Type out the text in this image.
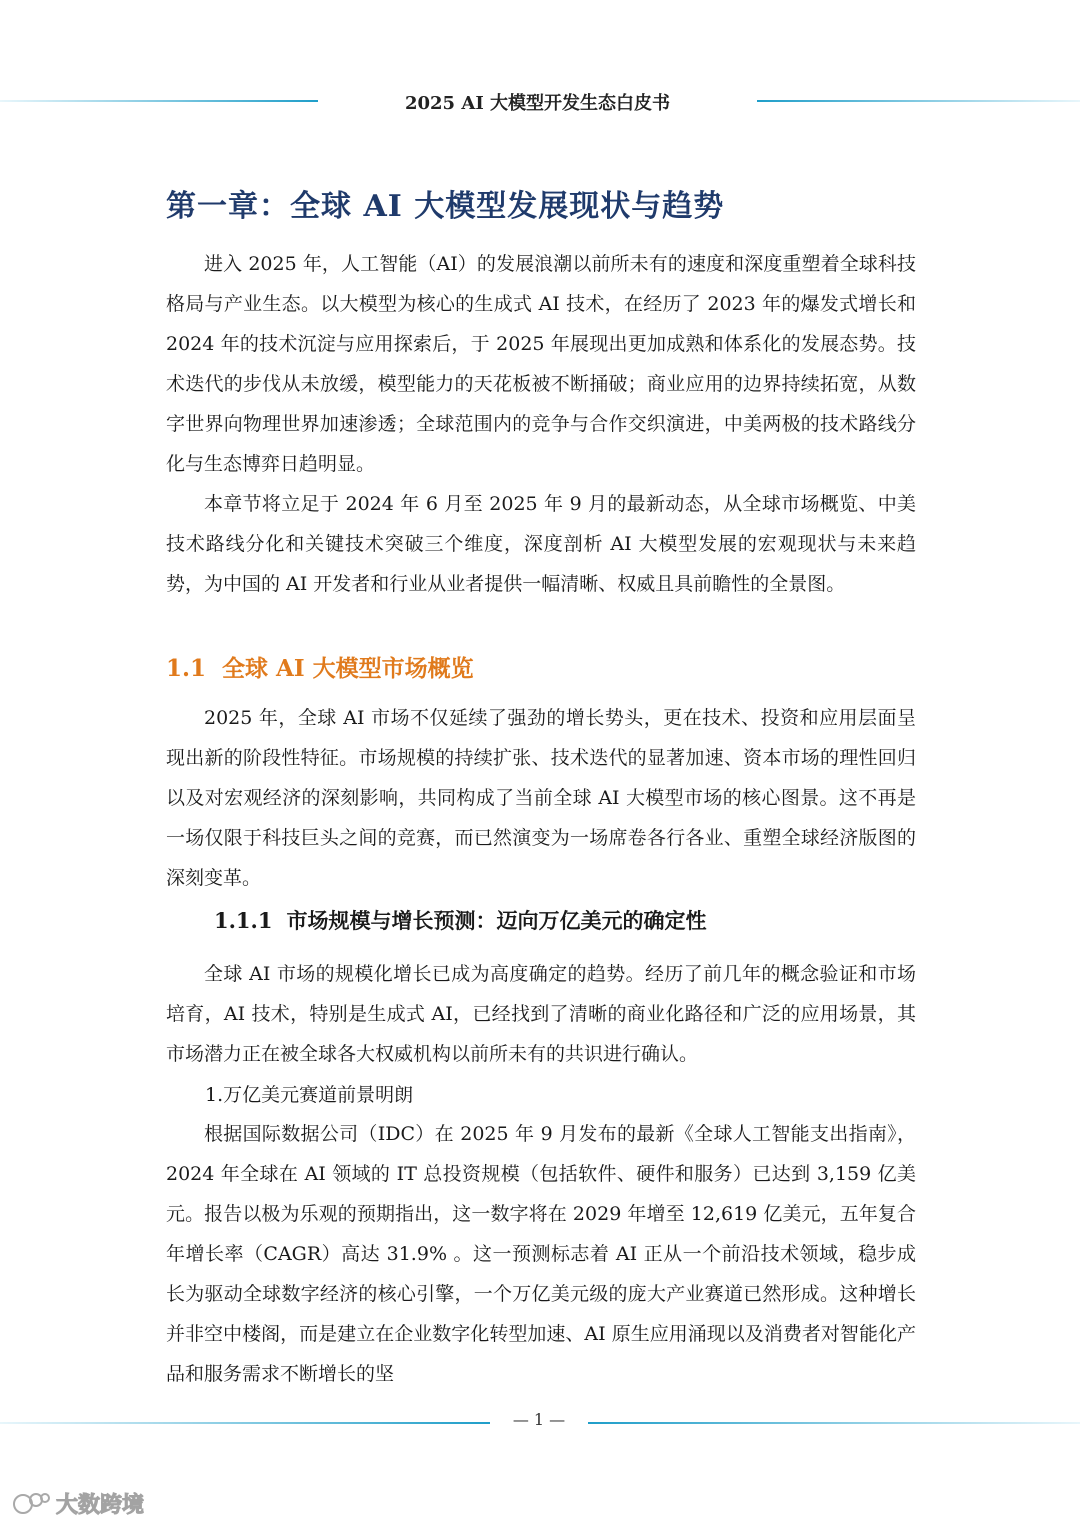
2025 AI 大模型开发生态白皮书
第一章：全球 AI 大模型发展现状与趋势

进入 2025 年，人工智能（AI）的发展浪潮以前所未有的速度和深度重塑着全球科技格局与产业生态。以大模型为核心的生成式 AI 技术，在经历了 2023 年的爆发式增长和 2024 年的技术沉淀与应用探索后，于 2025 年展现出更加成熟和体系化的发展态势。技术迭代的步伐从未放缓，模型能力的天花板被不断捅破；商业应用的边界持续拓宽，从数字世界向物理世界加速渗透；全球范围内的竞争与合作交织演进，中美两极的技术路线分化与生态博弈日趋明显。

本章节将立足于 2024 年 6 月至 2025 年 9 月的最新动态，从全球市场概览、中美技术路线分化和关键技术突破三个维度，深度剖析 AI 大模型发展的宏观现状与未来趋势，为中国的 AI 开发者和行业从业者提供一幅清晰、权威且具前瞻性的全景图。

1.1 全球 AI 大模型市场概览

2025 年，全球 AI 市场不仅延续了强劲的增长势头，更在技术、投资和应用层面呈现出新的阶段性特征。市场规模的持续扩张、技术迭代的显著加速、资本市场的理性回归以及对宏观经济的深刻影响，共同构成了当前全球 AI 大模型市场的核心图景。这不再是一场仅限于科技巨头之间的竞赛，而已然演变为一场席卷各行各业、重塑全球经济版图的深刻变革。

1.1.1 市场规模与增长预测：迈向万亿美元的确定性

全球 AI 市场的规模化增长已成为高度确定的趋势。经历了前几年的概念验证和市场培育，AI 技术，特别是生成式 AI，已经找到了清晰的商业化路径和广泛的应用场景，其市场潜力正在被全球各大权威机构以前所未有的共识进行确认。

1.万亿美元赛道前景明朗

根据国际数据公司（IDC）在 2025 年 9 月发布的最新《全球人工智能支出指南》，2024 年全球在 AI 领域的 IT 总投资规模（包括软件、硬件和服务）已达到 3,159 亿美元。报告以极为乐观的预期指出，这一数字将在 2029 年增至 12,619 亿美元，五年复合年增长率（CAGR）高达 31.9% 。这一预测标志着 AI 正从一个前沿技术领域，稳步成长为驱动全球数字经济的核心引擎，一个万亿美元级的庞大产业赛道已然形成。这种增长并非空中楼阁，而是建立在企业数字化转型加速、AI 原生应用涌现以及消费者对智能化产品和服务需求不断增长的坚

— 1 —
大数跨境
